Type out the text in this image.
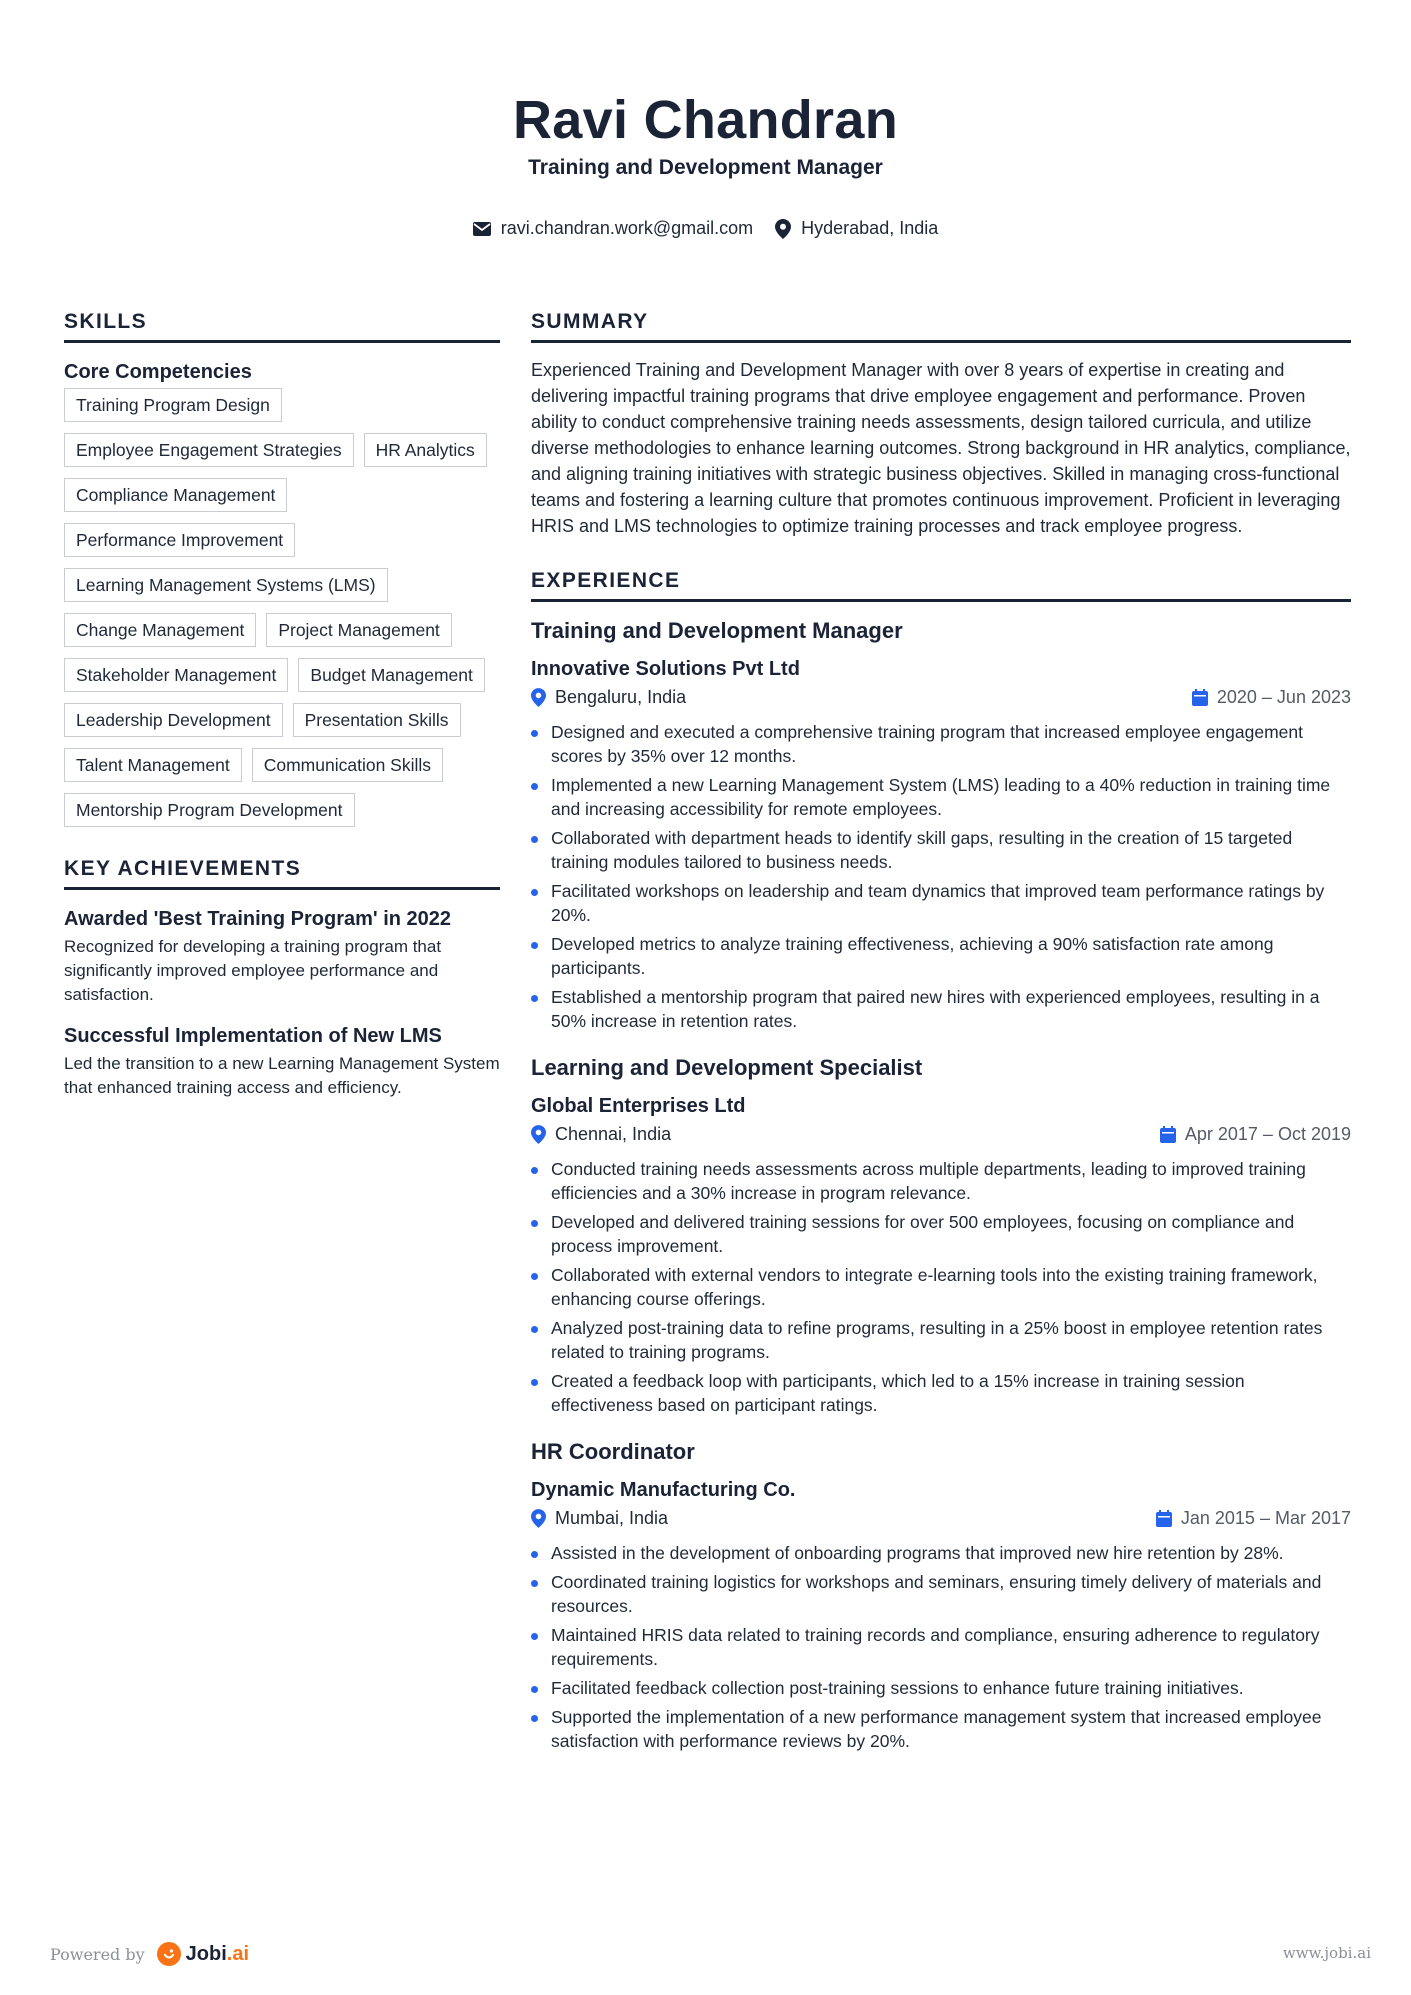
Ravi Chandran
Training and Development Manager
ravi.chandran.work@gmail.com	Hyderabad, India
SKILLS
Core Competencies
Training Program Design
Employee Engagement Strategies	HR Analytics
Compliance Management
Performance Improvement
Learning Management Systems (LMS)
Change Management	Project Management
Stakeholder Management	Budget Management
Leadership Development	Presentation Skills
Talent Management	Communication Skills
Mentorship Program Development
KEY ACHIEVEMENTS
Awarded 'Best Training Program' in 2022
Recognized for developing a training program that significantly improved employee performance and satisfaction.
Successful Implementation of New LMS
Led the transition to a new Learning Management System that enhanced training access and efficiency.
SUMMARY
Experienced Training and Development Manager with over 8 years of expertise in creating and delivering impactful training programs that drive employee engagement and performance. Proven ability to conduct comprehensive training needs assessments, design tailored curricula, and utilize diverse methodologies to enhance learning outcomes. Strong background in HR analytics, compliance, and aligning training initiatives with strategic business objectives. Skilled in managing cross-functional teams and fostering a learning culture that promotes continuous improvement. Proficient in leveraging HRIS and LMS technologies to optimize training processes and track employee progress.
EXPERIENCE
Training and Development Manager
Innovative Solutions Pvt Ltd
Bengaluru, India	2020 – Jun 2023
Designed and executed a comprehensive training program that increased employee engagement scores by 35% over 12 months.
Implemented a new Learning Management System (LMS) leading to a 40% reduction in training time and increasing accessibility for remote employees.
Collaborated with department heads to identify skill gaps, resulting in the creation of 15 targeted training modules tailored to business needs.
Facilitated workshops on leadership and team dynamics that improved team performance ratings by 20%.
Developed metrics to analyze training effectiveness, achieving a 90% satisfaction rate among participants.
Established a mentorship program that paired new hires with experienced employees, resulting in a 50% increase in retention rates.
Learning and Development Specialist
Global Enterprises Ltd
Chennai, India	Apr 2017 – Oct 2019
Conducted training needs assessments across multiple departments, leading to improved training efficiencies and a 30% increase in program relevance.
Developed and delivered training sessions for over 500 employees, focusing on compliance and process improvement.
Collaborated with external vendors to integrate e-learning tools into the existing training framework, enhancing course offerings.
Analyzed post-training data to refine programs, resulting in a 25% boost in employee retention rates related to training programs.
Created a feedback loop with participants, which led to a 15% increase in training session effectiveness based on participant ratings.
HR Coordinator
Dynamic Manufacturing Co.
Mumbai, India	Jan 2015 – Mar 2017
Assisted in the development of onboarding programs that improved new hire retention by 28%.
Coordinated training logistics for workshops and seminars, ensuring timely delivery of materials and resources.
Maintained HRIS data related to training records and compliance, ensuring adherence to regulatory requirements.
Facilitated feedback collection post-training sessions to enhance future training initiatives.
Supported the implementation of a new performance management system that increased employee satisfaction with performance reviews by 20%.
Powered by Jobi.ai	www.jobi.ai
